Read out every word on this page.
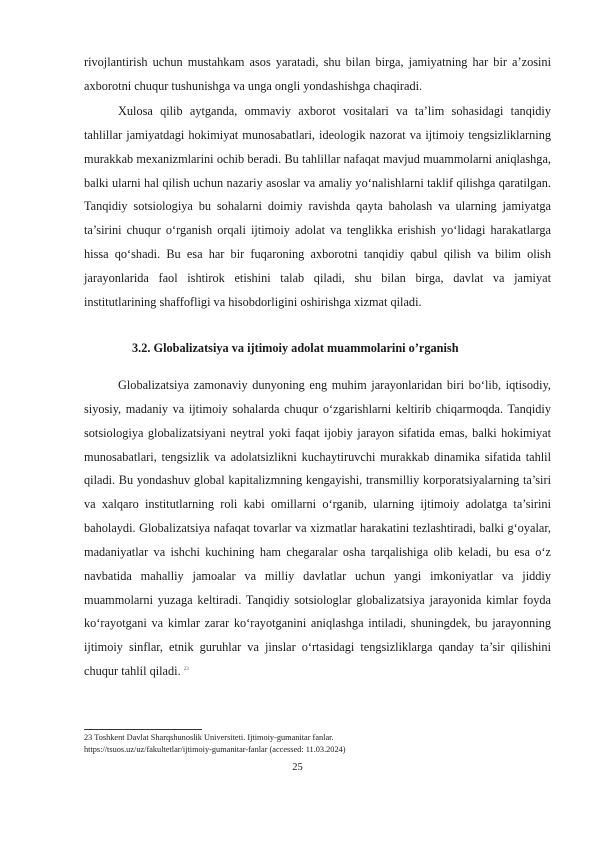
rivojlantirish uchun mustahkam asos yaratadi, shu bilan birga, jamiyatning har bir a’zosini axborotni chuqur tushunishga va unga ongli yondashishga chaqiradi.

Xulosa qilib aytganda, ommaviy axborot vositalari va ta’lim sohasidagi tanqidiy tahlillar jamiyatdagi hokimiyat munosabatlari, ideologik nazorat va ijtimoiy tengsizliklarning murakkab mexanizmlarini ochib beradi. Bu tahlillar nafaqat mavjud muammolarni aniqlashga, balki ularni hal qilish uchun nazariy asoslar va amaliy yo‘nalishlarni taklif qilishga qaratilgan. Tanqidiy sotsiologiya bu sohalarni doimiy ravishda qayta baholash va ularning jamiyatga ta’sirini chuqur o‘rganish orqali ijtimoiy adolat va tenglikka erishish yo‘lidagi harakatlarga hissa qo‘shadi. Bu esa har bir fuqaroning axborotni tanqidiy qabul qilish va bilim olish jarayonlarida faol ishtirok etishini talab qiladi, shu bilan birga, davlat va jamiyat institutlarining shaffofligi va hisobdorligini oshirishga xizmat qiladi.

3.2. Globalizatsiya va ijtimoiy adolat muammolarini o’rganish

Globalizatsiya zamonaviy dunyoning eng muhim jarayonlaridan biri bo‘lib, iqtisodiy, siyosiy, madaniy va ijtimoiy sohalarda chuqur o‘zgarishlarni keltirib chiqarmoqda. Tanqidiy sotsiologiya globalizatsiyani neytral yoki faqat ijobiy jarayon sifatida emas, balki hokimiyat munosabatlari, tengsizlik va adolatsizlikni kuchaytiruvchi murakkab dinamika sifatida tahlil qiladi. Bu yondashuv global kapitalizmning kengayishi, transmilliy korporatsiyalarning ta’siri va xalqaro institutlarning roli kabi omillarni o‘rganib, ularning ijtimoiy adolatga ta’sirini baholaydi. Globalizatsiya nafaqat tovarlar va xizmatlar harakatini tezlashtiradi, balki g‘oyalar, madaniyatlar va ishchi kuchining ham chegaralar osha tarqalishiga olib keladi, bu esa o‘z navbatida mahalliy jamoalar va milliy davlatlar uchun yangi imkoniyatlar va jiddiy muammolarni yuzaga keltiradi. Tanqidiy sotsiologlar globalizatsiya jarayonida kimlar foyda ko‘rayotgani va kimlar zarar ko‘rayotganini aniqlashga intiladi, shuningdek, bu jarayonning ijtimoiy sinflar, etnik guruhlar va jinslar o‘rtasidagi tengsizliklarga qanday ta’sir qilishini chuqur tahlil qiladi. $^{23}$

23 Toshkent Davlat Sharqshunoslik Universiteti. Ijtimoiy-gumanitar fanlar.
https://tsuos.uz/uz/fakultetlar/ijtimoiy-gumanitar-fanlar (accessed: 11.03.2024)
25
